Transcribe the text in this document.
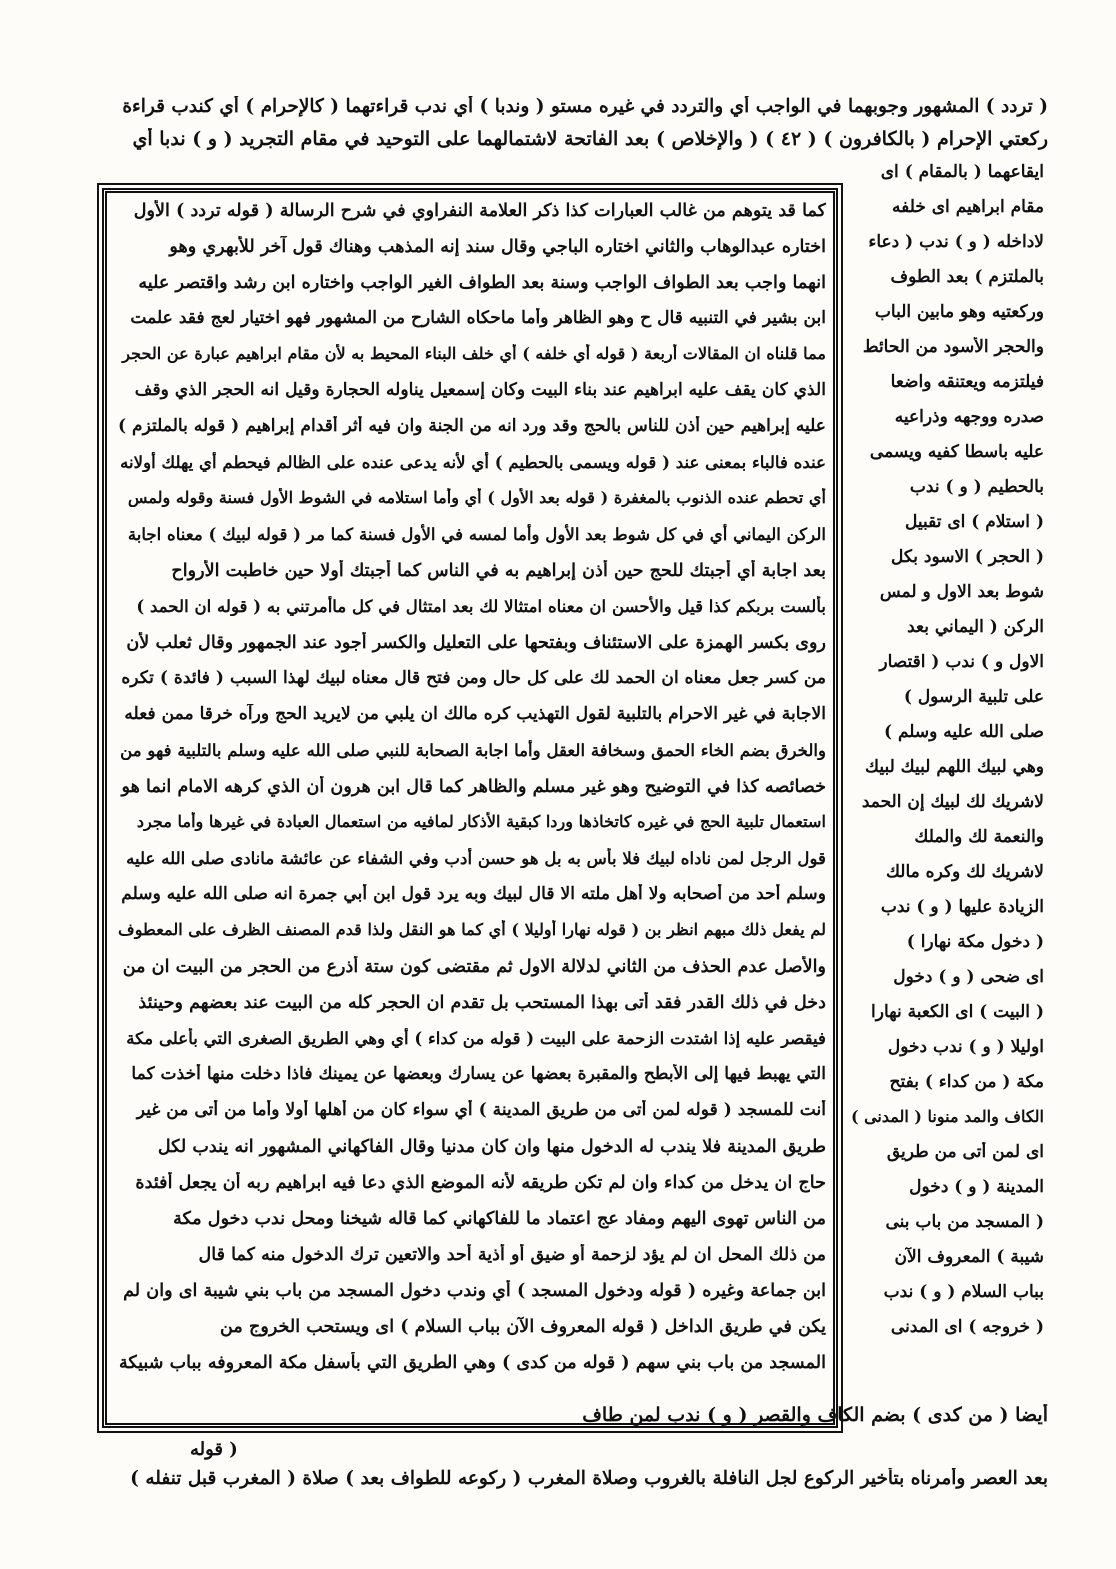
( تردد ) المشهور وجوبهما في الواجب أي والتردد في غيره مستو ( وندبا ) أي ندب قراءتهما ( كالإحرام ) أي كندب قراءة
ركعتي الإحرام ( بالكافرون ) ( ٤٢ ) ( والإخلاص ) بعد الفاتحة لاشتمالهما على التوحيد في مقام التجريد ( و ) ندبا أي
كما قد يتوهم من غالب العبارات كذا ذكر العلامة النفراوي في شرح الرسالة ( قوله تردد ) الأول
اختاره عبدالوهاب والثاني اختاره الباجي وقال سند إنه المذهب وهناك قول آخر للأبهري وهو
انهما واجب بعد الطواف الواجب وسنة بعد الطواف الغير الواجب واختاره ابن رشد واقتصر عليه
ابن بشير في التنبيه قال ح وهو الظاهر وأما ماحكاه الشارح من المشهور فهو اختيار لعج فقد علمت
مما قلناه ان المقالات أربعة ( قوله أي خلفه ) أي خلف البناء المحيط به لأن مقام ابراهيم عبارة عن الحجر
الذي كان يقف عليه ابراهيم عند بناء البيت وكان إسمعيل يناوله الحجارة وقيل انه الحجر الذي وقف
عليه إبراهيم حين أذن للناس بالحج وقد ورد انه من الجنة وان فيه أثر أقدام إبراهيم ( قوله بالملتزم )
عنده فالباء بمعنى عند ( قوله ويسمى بالحطيم ) أي لأنه يدعى عنده على الظالم فيحطم أي يهلك أولانه
أي تحطم عنده الذنوب بالمغفرة ( قوله بعد الأول ) أي وأما استلامه في الشوط الأول فسنة وقوله ولمس
الركن اليماني أي في كل شوط بعد الأول وأما لمسه في الأول فسنة كما مر ( قوله لبيك ) معناه اجابة
بعد اجابة أي أجبتك للحج حين أذن إبراهيم به في الناس كما أجبتك أولا حين خاطبت الأرواح
بألست بربكم كذا قيل والأحسن ان معناه امتثالا لك بعد امتثال في كل ماأمرتني به ( قوله ان الحمد )
روى بكسر الهمزة على الاستئناف وبفتحها على التعليل والكسر أجود عند الجمهور وقال ثعلب لأن
من كسر جعل معناه ان الحمد لك على كل حال ومن فتح قال معناه لبيك لهذا السبب ( فائدة ) تكره
الاجابة في غير الاحرام بالتلبية لقول التهذيب كره مالك ان يلبي من لايريد الحج ورآه خرقا ممن فعله
والخرق بضم الخاء الحمق وسخافة العقل وأما اجابة الصحابة للنبي صلى الله عليه وسلم بالتلبية فهو من
خصائصه كذا في التوضيح وهو غير مسلم والظاهر كما قال ابن هرون أن الذي كرهه الامام انما هو
استعمال تلبية الحج في غيره كاتخاذها وردا كبقية الأذكار لمافيه من استعمال العبادة في غيرها وأما مجرد
قول الرجل لمن ناداه لبيك فلا بأس به بل هو حسن أدب وفي الشفاء عن عائشة مانادى صلى الله عليه
وسلم أحد من أصحابه ولا أهل ملته الا قال لبيك وبه يرد قول ابن أبي جمرة انه صلى الله عليه وسلم
لم يفعل ذلك مبهم انظر بن ( قوله نهارا أوليلا ) أي كما هو النقل ولذا قدم المصنف الظرف على المعطوف
والأصل عدم الحذف من الثاني لدلالة الاول ثم مقتضى كون ستة أذرع من الحجر من البيت ان من
دخل في ذلك القدر فقد أتى بهذا المستحب بل تقدم ان الحجر كله من البيت عند بعضهم وحينئذ
فيقصر عليه إذا اشتدت الزحمة على البيت ( قوله من كداء ) أي وهي الطريق الصغرى التي بأعلى مكة
التي يهبط فيها إلى الأبطح والمقبرة بعضها عن يسارك وبعضها عن يمينك فاذا دخلت منها أخذت كما
أنت للمسجد ( قوله لمن أتى من طريق المدينة ) أي سواء كان من أهلها أولا وأما من أتى من غير
طريق المدينة فلا يندب له الدخول منها وان كان مدنيا وقال الفاكهاني المشهور انه يندب لكل
حاج ان يدخل من كداء وان لم تكن طريقه لأنه الموضع الذي دعا فيه ابراهيم ربه أن يجعل أفئدة
من الناس تهوى اليهم ومفاد عج اعتماد ما للفاكهاني كما قاله شيخنا ومحل ندب دخول مكة
من ذلك المحل ان لم يؤد لزحمة أو ضيق أو أذية أحد والاتعين ترك الدخول منه كما قال
ابن جماعة وغيره ( قوله ودخول المسجد ) أي وندب دخول المسجد من باب بني شيبة اى وان لم
يكن في طريق الداخل ( قوله المعروف الآن بباب السلام ) اى ويستحب الخروج من
المسجد من باب بني سهم ( قوله من كدى ) وهي الطريق التي بأسفل مكة المعروفه بباب شبيكة
ايقاعهما ( بالمقام ) اى
مقام ابراهيم اى خلفه
لاداخله ( و ) ندب ( دعاء
بالملتزم ) بعد الطوف
وركعتيه وهو مابين الباب
والحجر الأسود من الحائط
فيلتزمه ويعتنقه واضعا
صدره ووجهه وذراعيه
عليه باسطا كفيه ويسمى
بالحطيم ( و ) ندب
( استلام ) اى تقبيل
( الحجر ) الاسود بكل
شوط بعد الاول و لمس
الركن ( اليماني بعد
الاول و ) ندب ( اقتصار
على تلبية الرسول )
صلى الله عليه وسلم )
وهي لبيك اللهم لبيك لبيك
لاشريك لك لبيك إن الحمد
والنعمة لك والملك
لاشريك لك وكره مالك
الزيادة عليها ( و ) ندب
( دخول مكة نهارا )
اى ضحى ( و ) دخول
( البيت ) اى الكعبة نهارا
اوليلا ( و ) ندب دخول
مكة ( من كداء ) بفتح
الكاف والمد منونا ( المدنى )
اى لمن أتى من طريق
المدينة ( و ) دخول
( المسجد من باب بنى
شيبة ) المعروف الآن
بباب السلام ( و ) ندب
( خروجه ) اى المدنى
أيضا ( من كدى ) بضم الكاف والقصر ( و ) ندب لمن طاف
بعد العصر وأمرناه بتأخير الركوع لجل النافلة بالغروب وصلاة المغرب ( ركوعه للطواف بعد ) صلاة ( المغرب قبل تنفله )
( قوله
